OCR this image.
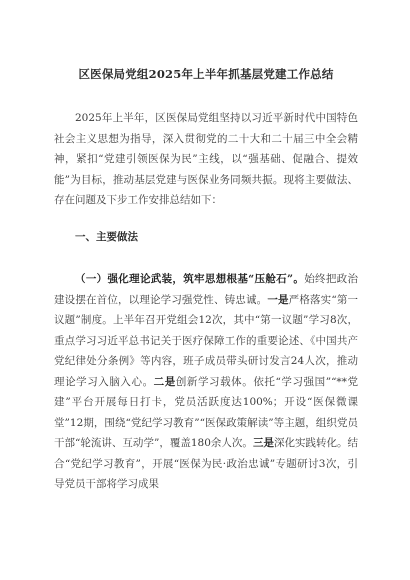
区医保局党组2025年上半年抓基层党建工作总结

2025年上半年，区医保局党组坚持以习近平新时代中国特色社会主义思想为指导，深入贯彻党的二十大和二十届三中全会精神，紧扣“党建引领医保为民”主线，以“强基础、促融合、提效能”为目标，推动基层党建与医保业务同频共振。现将主要做法、存在问题及下步工作安排总结如下：

一、主要做法

（一）强化理论武装，筑牢思想根基“压舱石”。始终把政治建设摆在首位，以理论学习强党性、铸忠诚。一是严格落实“第一议题”制度。上半年召开党组会12次，其中“第一议题”学习8次，重点学习习近平总书记关于医疗保障工作的重要论述、《中国共产党纪律处分条例》等内容，班子成员带头研讨发言24人次，推动理论学习入脑入心。二是创新学习载体。依托“学习强国”“**党建”平台开展每日打卡，党员活跃度达100%；开设“医保微课堂”12期，围绕“党纪学习教育”“医保政策解读”等主题，组织党员干部“轮流讲、互动学”，覆盖180余人次。三是深化实践转化。结合“党纪学习教育”，开展“医保为民·政治忠诚”专题研讨3次，引导党员干部将学习成果
